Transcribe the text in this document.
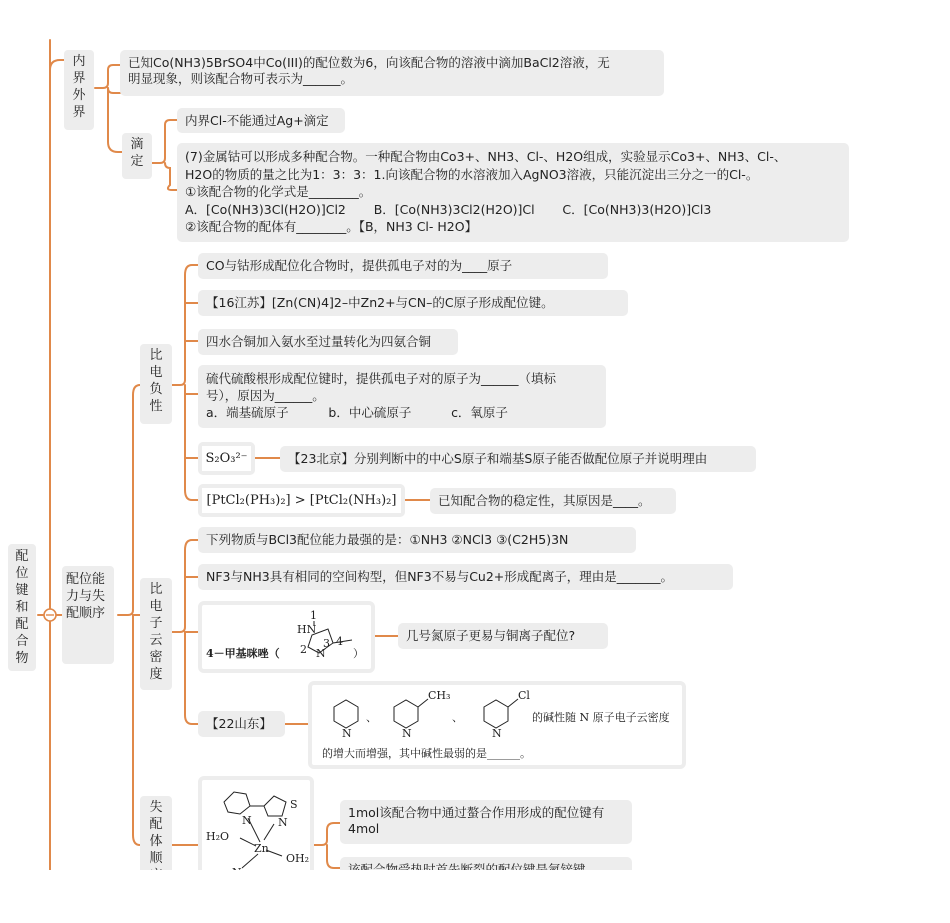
配位键和配合物
内界外界
已知Co(NH3)5BrSO4中Co(III)的配位数为6，向该配合物的溶液中滴加BaCl2溶液，无
明显现象，则该配合物可表示为______。
滴定
内界Cl-不能通过Ag+滴定
(7)金属钴可以形成多种配合物。一种配合物由Co3+、NH3、Cl-、H2O组成，实验显示Co3+、NH3、Cl-、
H2O的物质的量之比为1：3：3：1.向该配合物的水溶液加入AgNO3溶液，只能沉淀出三分之一的Cl-。
①该配合物的化学式是________。
A．[Co(NH3)3Cl(H2O)]Cl2       B．[Co(NH3)3Cl2(H2O)]Cl       C．[Co(NH3)3(H2O)]Cl3
②该配合物的配体有________。【B，NH3 Cl- H2O】
配位能力与失配顺序
比电负性
CO与钴形成配位化合物时，提供孤电子对的为____原子
【16江苏】[Zn(CN)4]2–中Zn2+与CN–的C原子形成配位键。
四水合铜加入氨水至过量转化为四氨合铜
硫代硫酸根形成配位键时，提供孤电子对的原子为______（填标
号），原因为______。
a．端基硫原子          b．中心硫原子          c．氧原子
S₂O₃²⁻	【23北京】分别判断中的中心S原子和端基S原子能否做配位原子并说明理由
[PtCl₂(PH₃)₂] > [PtCl₂(NH₃)₂]	已知配合物的稳定性，其原因是____。
比电子云密度
下列物质与BCl3配位能力最强的是：①NH3 ②NCl3 ③(C2H5)3N
NF3与NH3具有相同的空间构型，但NF3不易与Cu2+形成配离子，理由是_______。
4－甲基咪唑（	）
1
HN
2 3 4
N
几号氮原子更易与铜离子配位?
【22山东】
N	N	N
CH₃	Cl
、	、	的碱性随 N 原子电子云密度
的增大而增强，其中碱性最弱的是______。
失配体顺
N N
S
H₂O
Zn
OH₂
1mol该配合物中通过螯合作用形成的配位键有
4mol
